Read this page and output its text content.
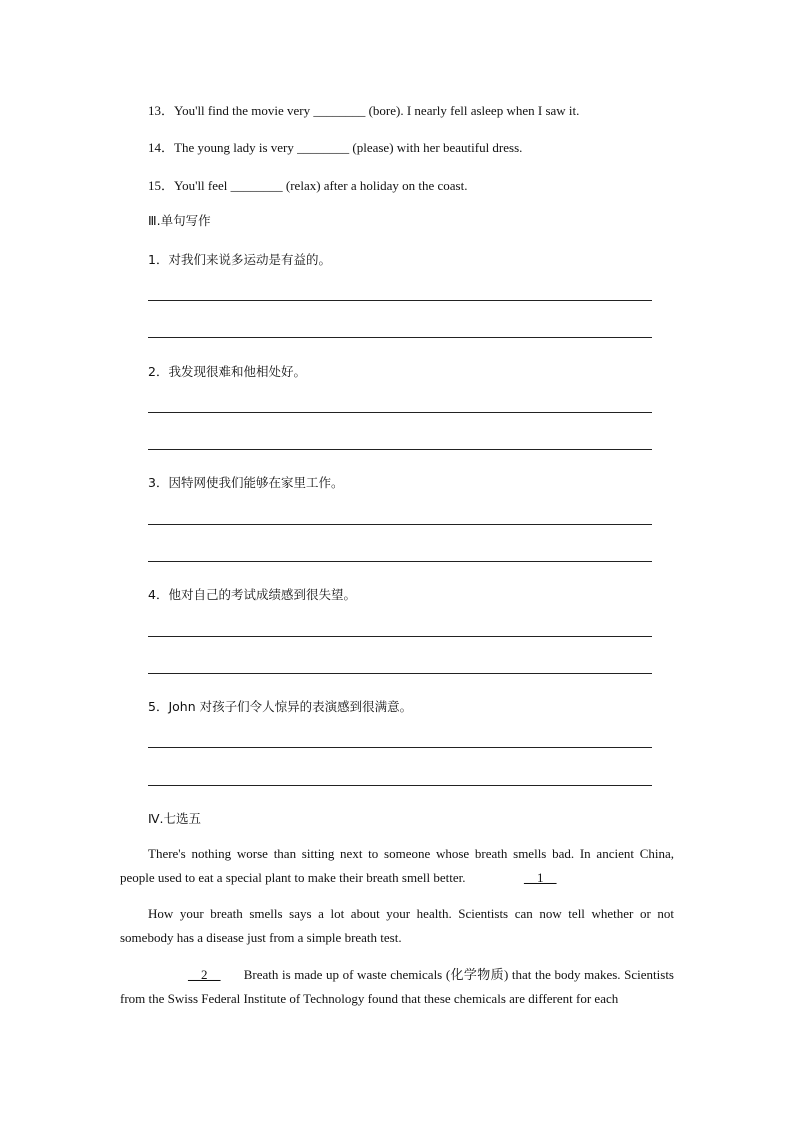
13．You'll find the movie very ________ (bore). I nearly fell asleep when I saw it.
14．The young lady is very ________ (please) with her beautiful dress.
15．You'll feel ________ (relax) after a holiday on the coast.
Ⅲ.单句写作
1．对我们来说多运动是有益的。
2．我发现很难和他相处好。
3．因特网使我们能够在家里工作。
4．他对自己的考试成绩感到很失望。
5．John 对孩子们令人惊异的表演感到很满意。
Ⅳ.七选五
There's nothing worse than sitting next to someone whose breath smells bad. In ancient China, people used to eat a special plant to make their breath smell better.	__1__
How your breath smells says a lot about your health. Scientists can now tell whether or not somebody has a disease just from a simple breath test.
__2__ Breath is made up of waste chemicals (化学物质) that the body makes. Scientists from the Swiss Federal Institute of Technology found that these chemicals are different for each
